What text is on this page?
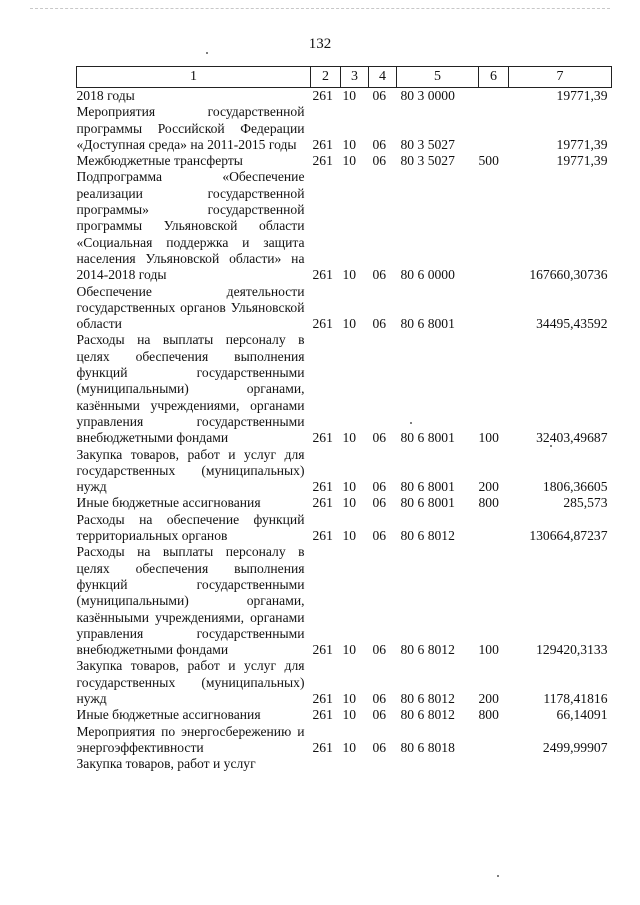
132
1	2	3	4	5	6	7
2018 годы	261	10	06	80 3 0000		19771,39
Мероприятия государственной программы Российской Федерации «Доступная среда» на 2011-2015 годы	261	10	06	80 3 5027		19771,39
Межбюджетные трансферты	261	10	06	80 3 5027	500	19771,39
Подпрограмма «Обеспечение реализации государственной программы» государственной программы Ульяновской области «Социальная поддержка и защита населения Ульяновской области» на 2014-2018 годы	261	10	06	80 6 0000		167660,30736
Обеспечение деятельности государственных органов Ульяновской области	261	10	06	80 6 8001		34495,43592
Расходы на выплаты персоналу в целях обеспечения выполнения функций государственными (муниципальными) органами, казёнными учреждениями, органами управления государственными внебюджетными фондами	261	10	06	80 6 8001	100	32403,49687
Закупка товаров, работ и услуг для государственных (муниципальных) нужд	261	10	06	80 6 8001	200	1806,36605
Иные бюджетные ассигнования	261	10	06	80 6 8001	800	285,573
Расходы на обеспечение функций территориальных органов	261	10	06	80 6 8012		130664,87237
Расходы на выплаты персоналу в целях обеспечения выполнения функций государственными (муниципальными) органами, казённыыми учреждениями, органами управления государственными внебюджетными фондами	261	10	06	80 6 8012	100	129420,3133
Закупка товаров, работ и услуг для государственных (муниципальных) нужд	261	10	06	80 6 8012	200	1178,41816
Иные бюджетные ассигнования	261	10	06	80 6 8012	800	66,14091
Мероприятия по энергосбережению и энергоэффективности	261	10	06	80 6 8018		2499,99907
Закупка товаров, работ и услуг						
